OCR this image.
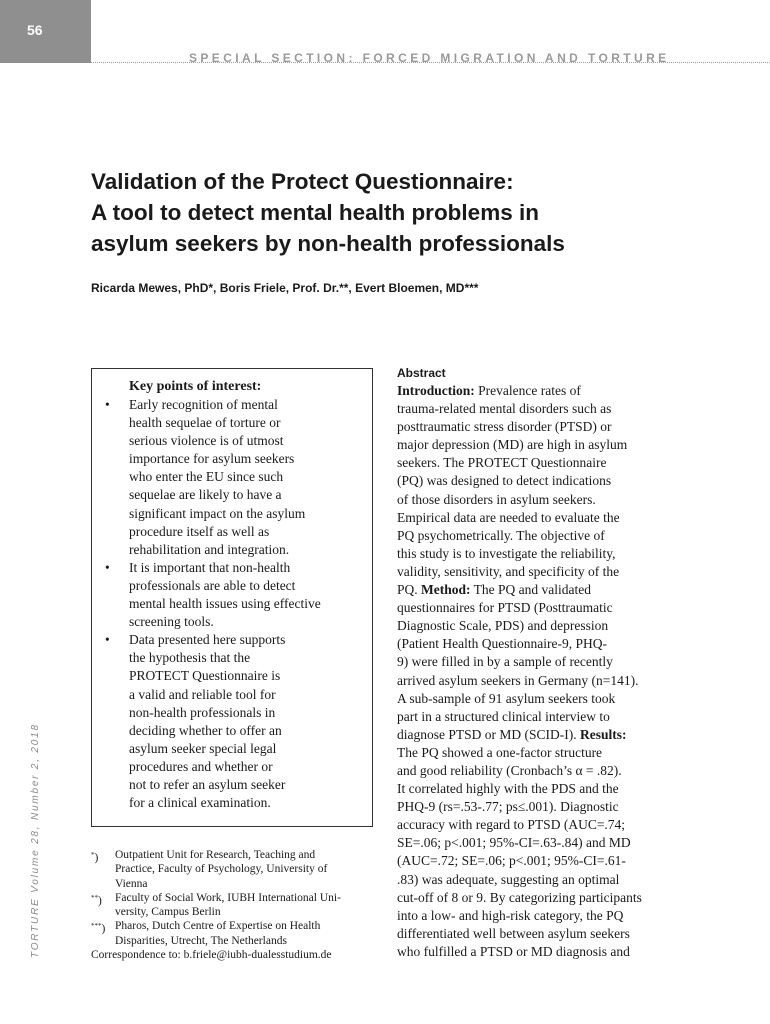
56
SPECIAL SECTION: FORCED MIGRATION AND TORTURE
Validation of the Protect Questionnaire:
A tool to detect mental health problems in
asylum seekers by non-health professionals
Ricarda Mewes, PhD*, Boris Friele, Prof. Dr.**, Evert Bloemen, MD***
Key points of interest:
• Early recognition of mental
health sequelae of torture or
serious violence is of utmost
importance for asylum seekers
who enter the EU since such
sequelae are likely to have a
significant impact on the asylum
procedure itself as well as
rehabilitation and integration.
• It is important that non-health
professionals are able to detect
mental health issues using effective
screening tools.
• Data presented here supports
the hypothesis that the
PROTECT Questionnaire is
a valid and reliable tool for
non-health professionals in
deciding whether to offer an
asylum seeker special legal
procedures and whether or
not to refer an asylum seeker
for a clinical examination.
*) Outpatient Unit for Research, Teaching and
Practice, Faculty of Psychology, University of
Vienna
**) Faculty of Social Work, IUBH International Uni-
versity, Campus Berlin
***) Pharos, Dutch Centre of Expertise on Health
Disparities, Utrecht, The Netherlands
Correspondence to: b.friele@iubh-dualesstudium.de
Abstract
Introduction: Prevalence rates of
trauma-related mental disorders such as
posttraumatic stress disorder (PTSD) or
major depression (MD) are high in asylum
seekers. The PROTECT Questionnaire
(PQ) was designed to detect indications
of those disorders in asylum seekers.
Empirical data are needed to evaluate the
PQ psychometrically. The objective of
this study is to investigate the reliability,
validity, sensitivity, and specificity of the
PQ. Method: The PQ and validated
questionnaires for PTSD (Posttraumatic
Diagnostic Scale, PDS) and depression
(Patient Health Questionnaire-9, PHQ-
9) were filled in by a sample of recently
arrived asylum seekers in Germany (n=141).
A sub-sample of 91 asylum seekers took
part in a structured clinical interview to
diagnose PTSD or MD (SCID-I). Results:
The PQ showed a one-factor structure
and good reliability (Cronbach’s α = .82).
It correlated highly with the PDS and the
PHQ-9 (rs=.53-.77; ps≤.001). Diagnostic
accuracy with regard to PTSD (AUC=.74;
SE=.06; p<.001; 95%-CI=.63-.84) and MD
(AUC=.72; SE=.06; p<.001; 95%-CI=.61-
.83) was adequate, suggesting an optimal
cut-off of 8 or 9. By categorizing participants
into a low- and high-risk category, the PQ
differentiated well between asylum seekers
who fulfilled a PTSD or MD diagnosis and
TORTURE Volume 28, Number 2, 2018
